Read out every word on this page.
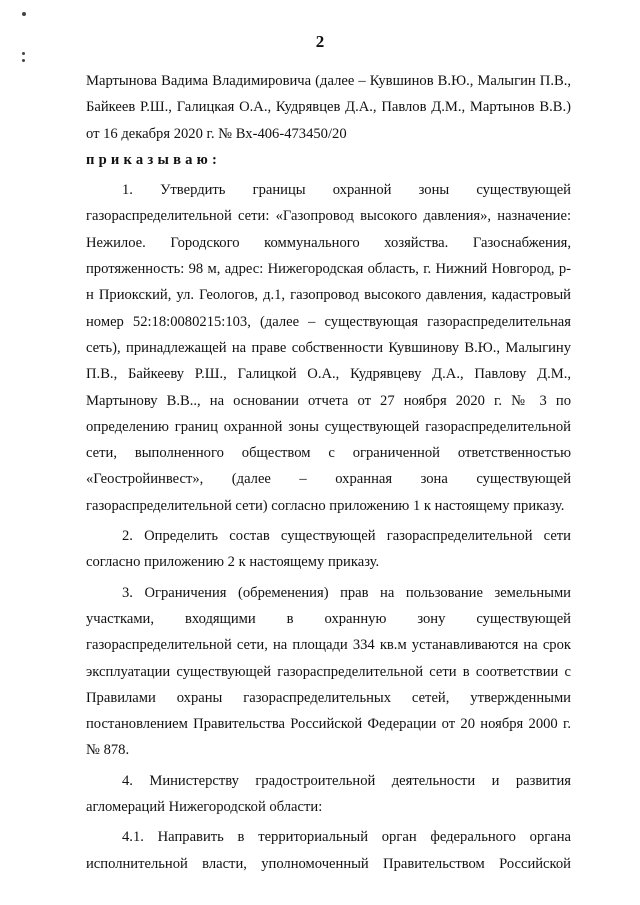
2

Мартынова Вадима Владимировича (далее – Кувшинов В.Ю., Малыгин П.В., Байкеев Р.Ш., Галицкая О.А., Кудрявцев Д.А., Павлов Д.М., Мартынов В.В.) от 16 декабря 2020 г. № Вх-406-473450/20

приказываю:

1. Утвердить границы охранной зоны существующей газораспределительной сети: «Газопровод высокого давления», назначение: Нежилое. Городского коммунального хозяйства. Газоснабжения, протяженность: 98 м, адрес: Нижегородская область, г. Нижний Новгород, р-н Приокский, ул. Геологов, д.1, газопровод высокого давления, кадастровый номер 52:18:0080215:103, (далее – существующая газораспределительная сеть), принадлежащей на праве собственности Кувшинову В.Ю., Малыгину П.В., Байкееву Р.Ш., Галицкой О.А., Кудрявцеву Д.А., Павлову Д.М., Мартынову В.В.., на основании отчета от 27 ноября 2020 г. № 3 по определению границ охранной зоны существующей газораспределительной сети, выполненного обществом с ограниченной ответственностью «Геостройинвест», (далее – охранная зона существующей газораспределительной сети) согласно приложению 1 к настоящему приказу.

2. Определить состав существующей газораспределительной сети согласно приложению 2 к настоящему приказу.

3. Ограничения (обременения) прав на пользование земельными участками, входящими в охранную зону существующей газораспределительной сети, на площади 334 кв.м устанавливаются на срок эксплуатации существующей газораспределительной сети в соответствии с Правилами охраны газораспределительных сетей, утвержденными постановлением Правительства Российской Федерации от 20 ноября 2000 г. № 878.

4. Министерству градостроительной деятельности и развития агломераций Нижегородской области:

4.1. Направить в территориальный орган федерального органа исполнительной власти, уполномоченный Правительством Российской
